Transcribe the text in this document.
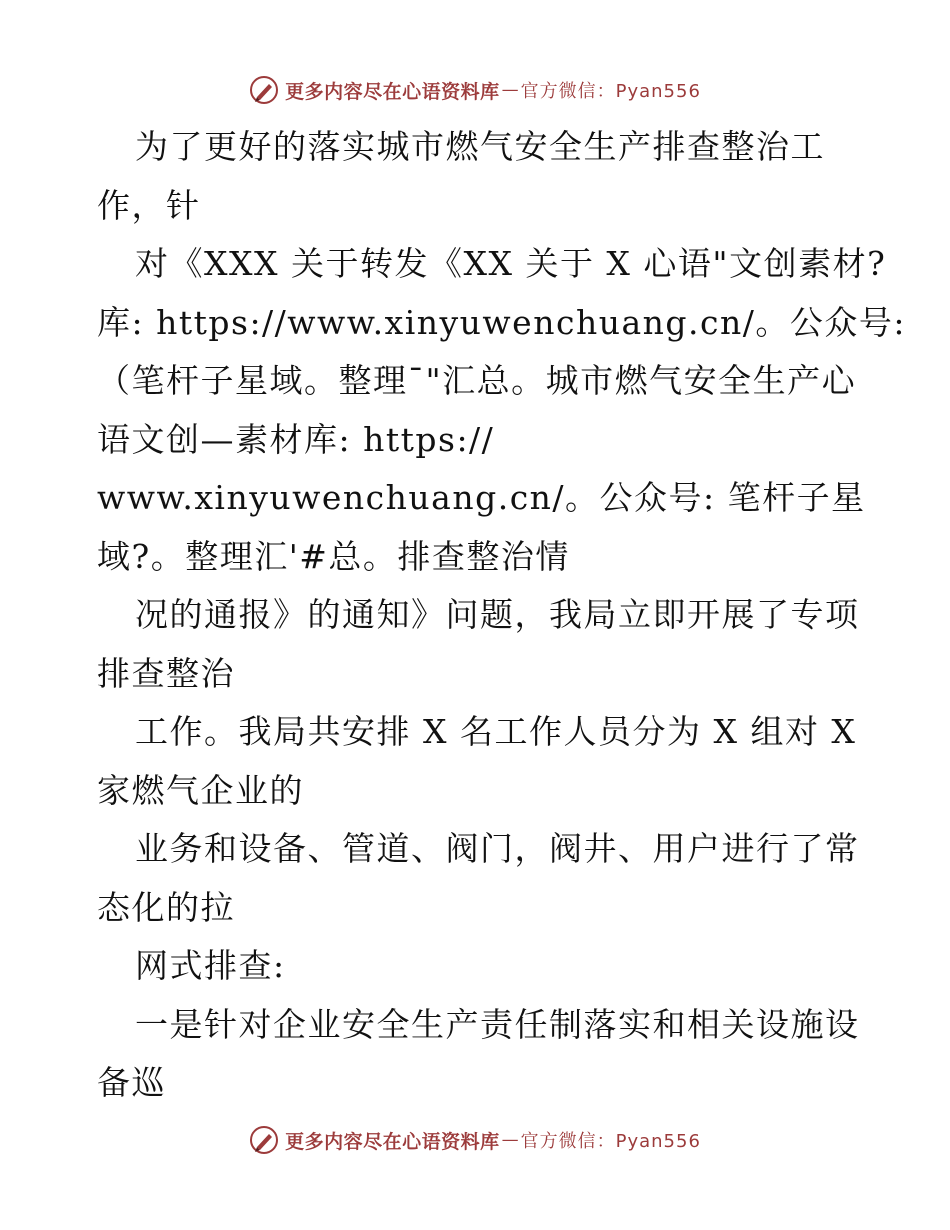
更多内容尽在心语资料库 — 官方微信：Pyan556
为了更好的落实城市燃气安全生产排查整治工
作，针
对《XXX 关于转发《XX 关于 X 心语"文创素材?
库: https://www.xinyuwenchuang.cn/。公众号:
（笔杆子星域。整理¯"汇总。城市燃气安全生产心
语文创—素材库: https://
www.xinyuwenchuang.cn/。公众号: 笔杆子星
域?。整理汇'#总。排查整治情
况的通报》的通知》问题，我局立即开展了专项
排查整治
工作。我局共安排 X 名工作人员分为 X 组对 X
家燃气企业的
业务和设备、管道、阀门，阀井、用户进行了常
态化的拉
网式排查:
一是针对企业安全生产责任制落实和相关设施设
备巡
更多内容尽在心语资料库 — 官方微信：Pyan556
